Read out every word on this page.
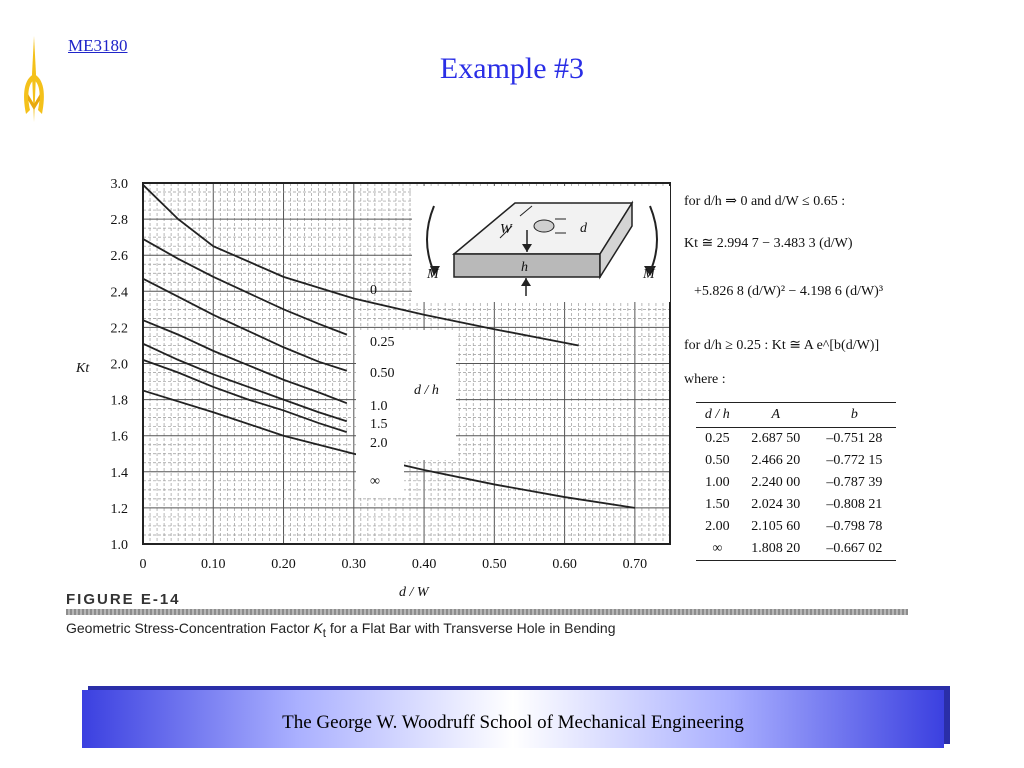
ME3180
Example #3
0	0.10	0.20	0.30	0.40	0.50	0.60	0.70
1.0
1.2
1.4
1.6
1.8
2.0
2.2
2.4
2.6
2.8
3.0
W	d
h
M	M
d / h
0
0.25
0.50
1.0
1.5
2.0
∞
d / W
Kt
FIGURE E-14
Geometric Stress-Concentration Factor $K_t$ for a Flat Bar with Transverse Hole in Bending
for d/h ⇒ 0 and d/W ≤ 0.65 :
Kt ≅ 2.994 7 − 3.483 3 (d/W)
+5.826 8 (d/W)² − 4.198 6 (d/W)³
for d/h ≥ 0.25 : Kt ≅ A e^[b(d/W)]
where :
d / h	A	b
0.25	2.687 50	–0.751 28
0.50	2.466 20	–0.772 15
1.00	2.240 00	–0.787 39
1.50	2.024 30	–0.808 21
2.00	2.105 60	–0.798 78
∞	1.808 20	–0.667 02
The George W. Woodruff School of Mechanical Engineering
